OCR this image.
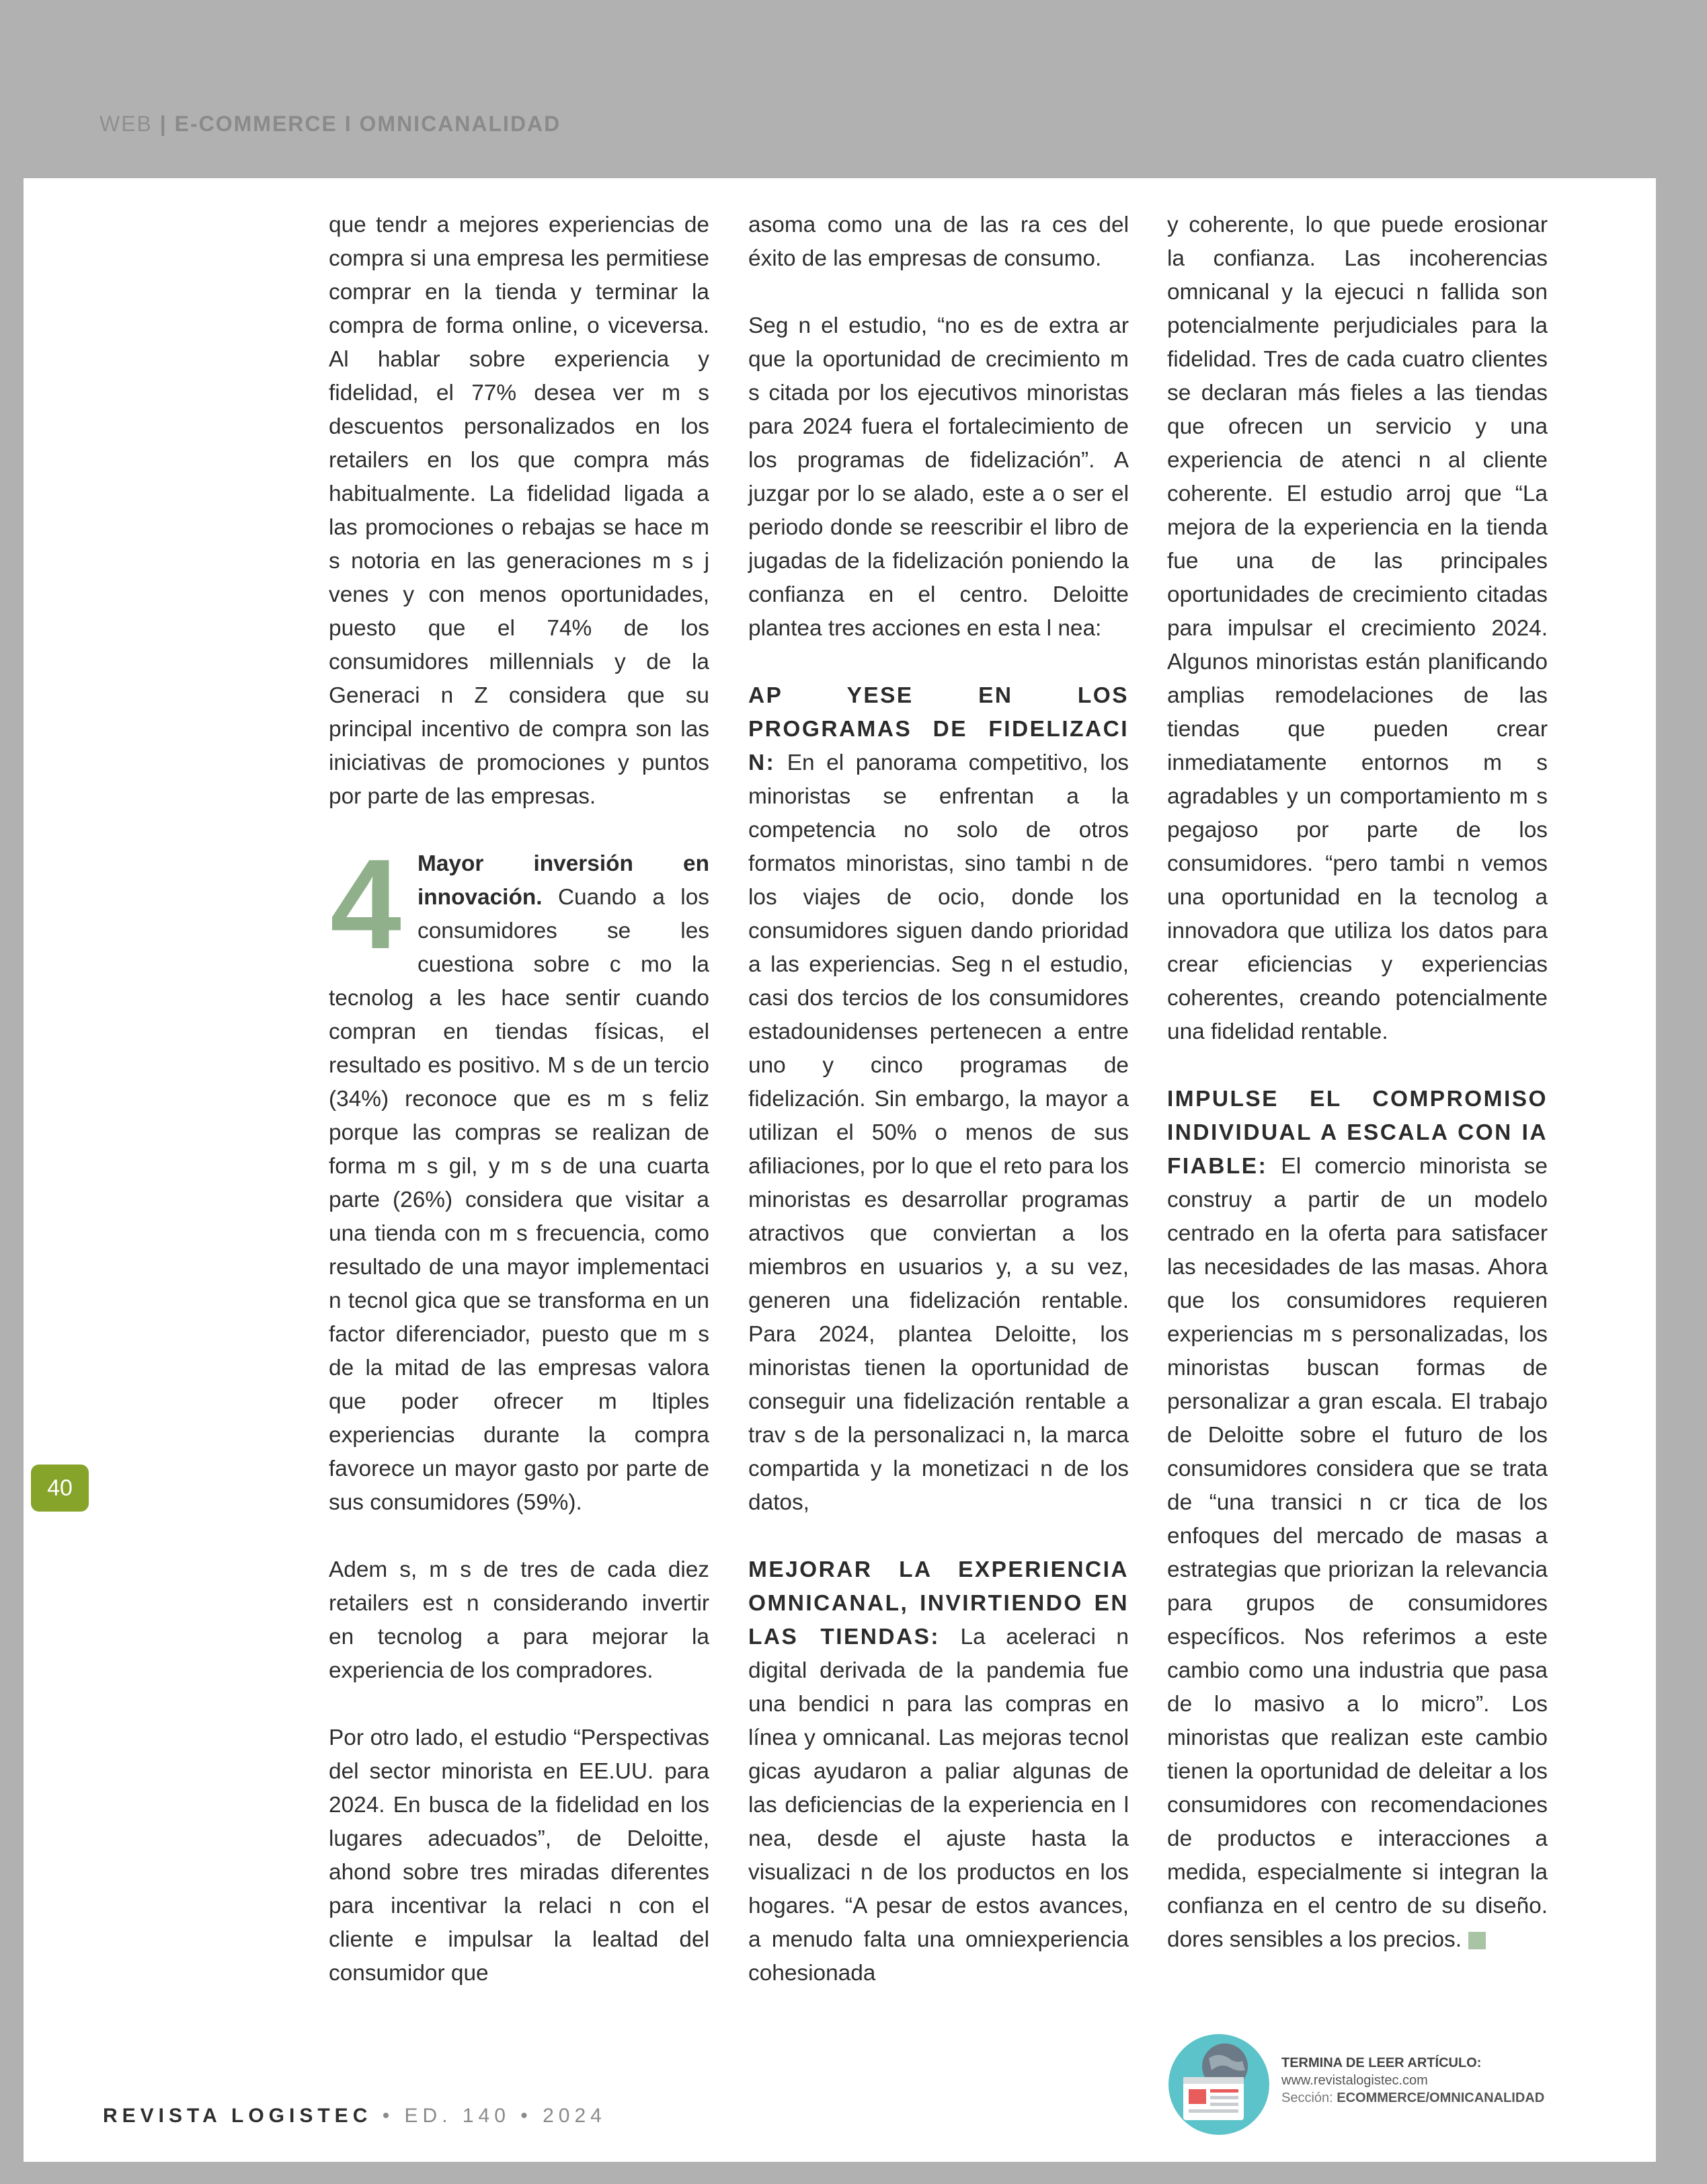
WEB | E-COMMERCE I OMNICANALIDAD

que tendr a mejores experiencias de compra si una empresa les permitiese comprar en la tienda y terminar la compra de forma online, o viceversa. Al hablar sobre experiencia y fidelidad, el 77% desea ver m s descuentos personalizados en los retailers en los que compra más habitualmente. La fidelidad ligada a las promociones o rebajas se hace m s notoria en las generaciones m s j venes y con menos oportunidades, puesto que el 74% de los consumidores millennials y de la Generaci n Z considera que su principal incentivo de compra son las iniciativas de promociones y puntos por parte de las empresas.

4 Mayor inversión en innovación. Cuando a los consumidores se les cuestiona sobre c mo la tecnolog a les hace sentir cuando compran en tiendas físicas, el resultado es positivo. M s de un tercio (34%) reconoce que es m s feliz porque las compras se realizan de forma m s gil, y m s de una cuarta parte (26%) considera que visitar a una tienda con m s frecuencia, como resultado de una mayor implementaci n tecnol gica que se transforma en un factor diferenciador, puesto que m s de la mitad de las empresas valora que poder ofrecer m ltiples experiencias durante la compra favorece un mayor gasto por parte de sus consumidores (59%).

Adem s, m s de tres de cada diez retailers est n considerando invertir en tecnolog a para mejorar la experiencia de los compradores.

Por otro lado, el estudio “Perspectivas del sector minorista en EE.UU. para 2024. En busca de la fidelidad en los lugares adecuados”, de Deloitte, ahond sobre tres miradas diferentes para incentivar la relaci n con el cliente e impulsar la lealtad del consumidor que

asoma como una de las ra ces del éxito de las empresas de consumo.

Seg n el estudio, “no es de extra ar que la oportunidad de crecimiento m s citada por los ejecutivos minoristas para 2024 fuera el fortalecimiento de los programas de fidelización”. A juzgar por lo se alado, este a o ser el periodo donde se reescribir el libro de jugadas de la fidelización poniendo la confianza en el centro. Deloitte plantea tres acciones en esta l nea:

AP YESE EN LOS PROGRAMAS DE FIDELIZACI N: En el panorama competitivo, los minoristas se enfrentan a la competencia no solo de otros formatos minoristas, sino tambi n de los viajes de ocio, donde los consumidores siguen dando prioridad a las experiencias. Seg n el estudio, casi dos tercios de los consumidores estadounidenses pertenecen a entre uno y cinco programas de fidelización. Sin embargo, la mayor a utilizan el 50% o menos de sus afiliaciones, por lo que el reto para los minoristas es desarrollar programas atractivos que conviertan a los miembros en usuarios y, a su vez, generen una fidelización rentable. Para 2024, plantea Deloitte, los minoristas tienen la oportunidad de conseguir una fidelización rentable a trav s de la personalizaci n, la marca compartida y la monetizaci n de los datos,

MEJORAR LA EXPERIENCIA OMNICANAL, INVIRTIENDO EN LAS TIENDAS: La aceleraci n digital derivada de la pandemia fue una bendici n para las compras en línea y omnicanal. Las mejoras tecnol gicas ayudaron a paliar algunas de las deficiencias de la experiencia en l nea, desde el ajuste hasta la visualizaci n de los productos en los hogares. “A pesar de estos avances, a menudo falta una omniexperiencia cohesionada

y coherente, lo que puede erosionar la confianza. Las incoherencias omnicanal y la ejecuci n fallida son potencialmente perjudiciales para la fidelidad. Tres de cada cuatro clientes se declaran más fieles a las tiendas que ofrecen un servicio y una experiencia de atenci n al cliente coherente. El estudio arroj que “La mejora de la experiencia en la tienda fue una de las principales oportunidades de crecimiento citadas para impulsar el crecimiento 2024. Algunos minoristas están planificando amplias remodelaciones de las tiendas que pueden crear inmediatamente entornos m s agradables y un comportamiento m s pegajoso por parte de los consumidores. “pero tambi n vemos una oportunidad en la tecnolog a innovadora que utiliza los datos para crear eficiencias y experiencias coherentes, creando potencialmente una fidelidad rentable.

IMPULSE EL COMPROMISO INDIVIDUAL A ESCALA CON IA FIABLE: El comercio minorista se construy a partir de un modelo centrado en la oferta para satisfacer las necesidades de las masas. Ahora que los consumidores requieren experiencias m s personalizadas, los minoristas buscan formas de personalizar a gran escala. El trabajo de Deloitte sobre el futuro de los consumidores considera que se trata de “una transici n cr tica de los enfoques del mercado de masas a estrategias que priorizan la relevancia para grupos de consumidores específicos. Nos referimos a este cambio como una industria que pasa de lo masivo a lo micro”. Los minoristas que realizan este cambio tienen la oportunidad de deleitar a los consumidores con recomendaciones de productos e interacciones a medida, especialmente si integran la confianza en el centro de su diseño. dores sensibles a los precios.

40
REVISTA LOGISTEC • ED. 140 • 2024
TERMINA DE LEER ARTÍCULO:
www.revistalogistec.com
Sección: ECOMMERCE/OMNICANALIDAD
